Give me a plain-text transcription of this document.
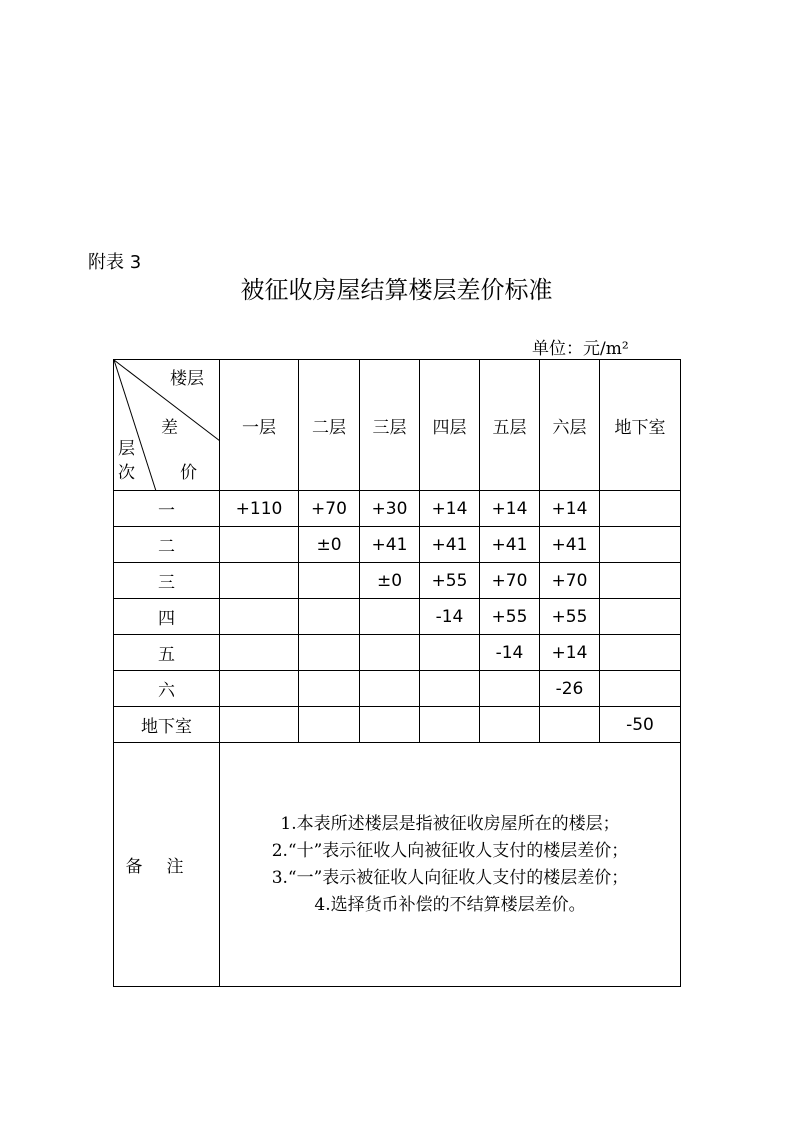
附表 3
被征收房屋结算楼层差价标准
单位：元/m²
楼层
差
层
次 价	一层	二层	三层	四层	五层	六层	地下室
一	+110	+70	+30	+14	+14	+14	
二		±0	+41	+41	+41	+41	
三			±0	+55	+70	+70	
四				-14	+55	+55	
五					-14	+14	
六						-26	
地下室							-50
备注	1.本表所述楼层是指被征收房屋所在的楼层；
2.“十”表示征收人向被征收人支付的楼层差价；
3.“一”表示被征收人向征收人支付的楼层差价；
4.选择货币补偿的不结算楼层差价。						
